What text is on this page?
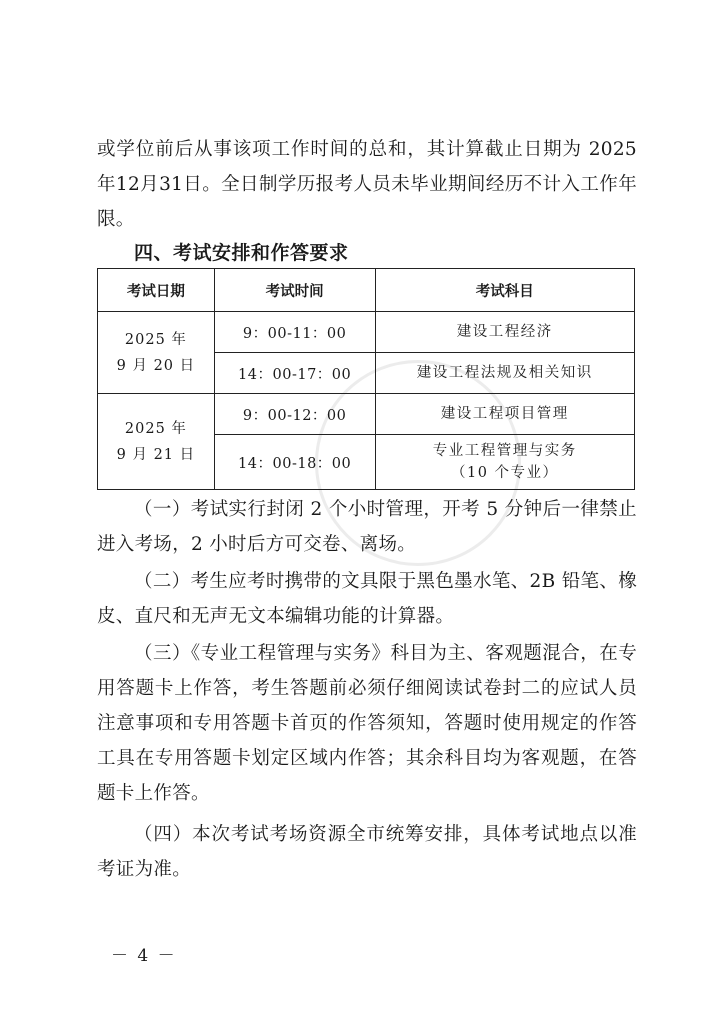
或学位前后从事该项工作时间的总和，其计算截止日期为 2025年12月31日。全日制学历报考人员未毕业期间经历不计入工作年限。

四、考试安排和作答要求
考试日期	考试时间	考试科目

2025 年
9 月 20 日	9：00-11：00	建设工程经济

	14：00-17：00	建设工程法规及相关知识

2025 年
9 月 21 日	9：00-12：00	建设工程项目管理

	14：00-18：00	专业工程管理与实务
（10 个专业）

（一）考试实行封闭 2 个小时管理，开考 5 分钟后一律禁止进入考场，2 小时后方可交卷、离场。

（二）考生应考时携带的文具限于黑色墨水笔、2B 铅笔、橡皮、直尺和无声无文本编辑功能的计算器。

（三）《专业工程管理与实务》科目为主、客观题混合，在专用答题卡上作答，考生答题前必须仔细阅读试卷封二的应试人员注意事项和专用答题卡首页的作答须知，答题时使用规定的作答工具在专用答题卡划定区域内作答；其余科目均为客观题，在答题卡上作答。

（四）本次考试考场资源全市统筹安排，具体考试地点以准考证为准。

－ 4 －
